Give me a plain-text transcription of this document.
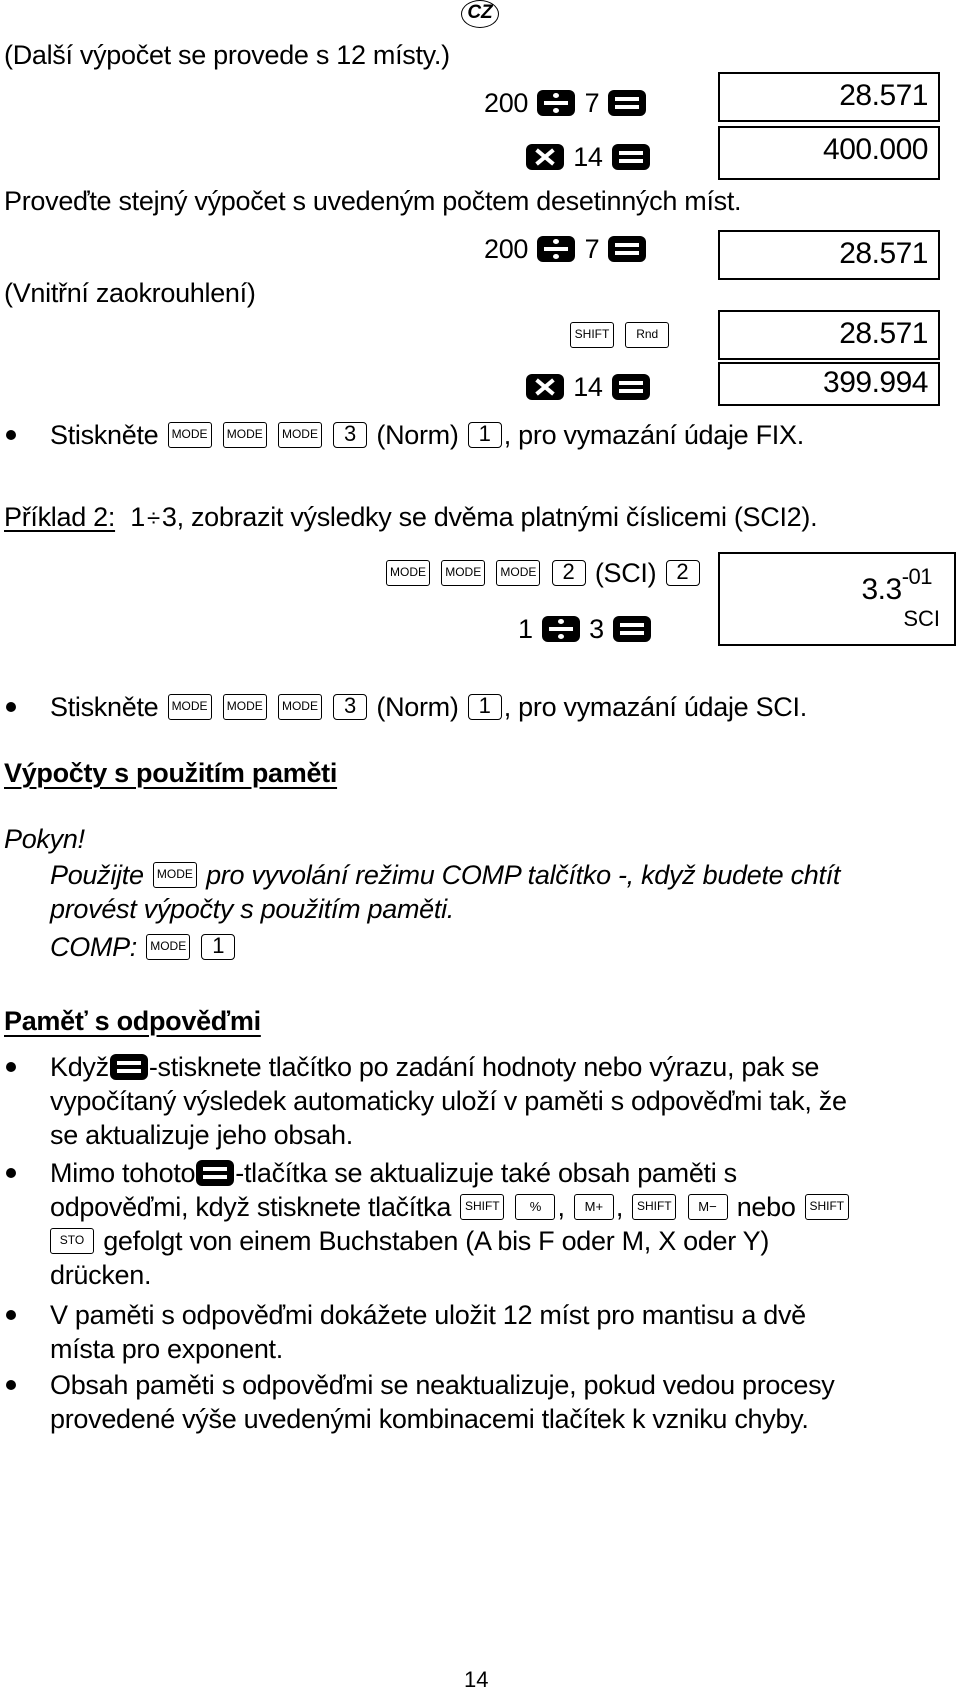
CZ
(Další výpočet se provede s 12 místy.)
200 7	28.571
14	400.000
Proveďte stejný výpočet s uvedeným počtem desetinných míst.
200 7	28.571
(Vnitřní zaokrouhlení)
SHIFT Rnd	28.571
14	399.994
Stiskněte MODE MODE MODE 3 (Norm) 1 , pro vymazání údaje FIX.
Příklad 2: 1÷3, zobrazit výsledky se dvěma platnými číslicemi (SCI2).
MODE MODE MODE 2 (SCI) 2
1 3
$3.3^{-01}$
SCI
Stiskněte MODE MODE MODE 3 (Norm) 1 , pro vymazání údaje SCI.
Výpočty s použitím paměti
Pokyn!
Použijte MODE pro vyvolání režimu COMP talčítko -, když budete chtít
provést výpočty s použitím paměti.
COMP: MODE 1
Paměť s odpověďmi
Když -stisknete tlačítko po zadání hodnoty nebo výrazu, pak se
vypočítaný výsledek automaticky uloží v paměti s odpověďmi tak, že
se aktualizuje jeho obsah.
Mimo tohoto -tlačítka se aktualizuje také obsah paměti s
odpověďmi, když stisknete tlačítka SHIFT % , M+ , SHIFT M− nebo SHIFT
STO gefolgt von einem Buchstaben (A bis F oder M, X oder Y)
drücken.
V paměti s odpověďmi dokážete uložit 12 míst pro mantisu a dvě
místa pro exponent.
Obsah paměti s odpověďmi se neaktualizuje, pokud vedou procesy
provedené výše uvedenými kombinacemi tlačítek k vzniku chyby.
14
